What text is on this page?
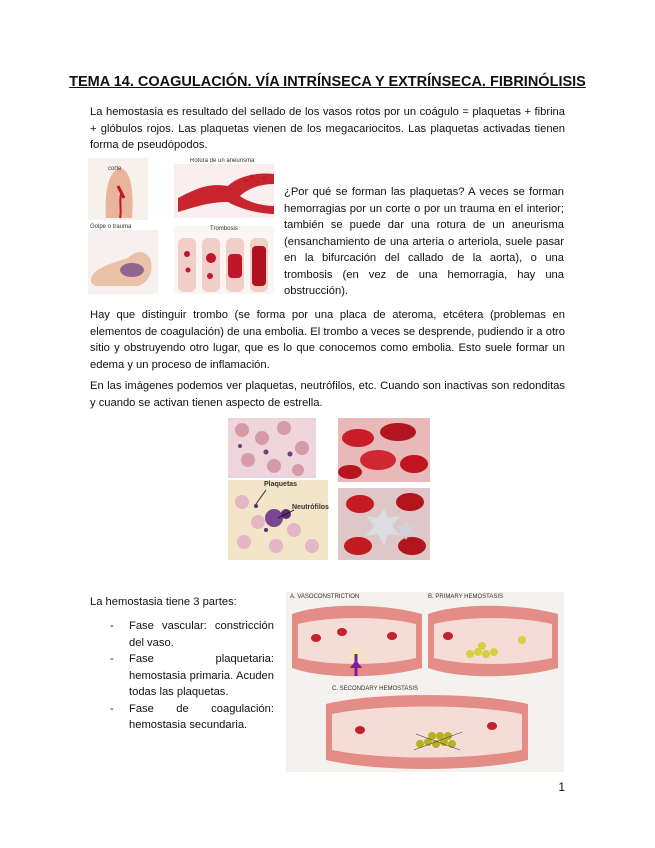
TEMA 14. COAGULACIÓN. VÍA INTRÍNSECA Y EXTRÍNSECA. FIBRINÓLISIS

La hemostasia es resultado del sellado de los vasos rotos por un coágulo = plaquetas + fibrina + glóbulos rojos. Las plaquetas vienen de los megacariocitos. Las plaquetas activadas tienen forma de pseudópodos.

corte
Rotura de un aneurisma
Golpe o trauma	Trombosis

¿Por qué se forman las plaquetas? A veces se forman hemorragias por un corte o por un trauma en el interior; también se puede dar una rotura de un aneurisma (ensanchamiento de una arteria o arteriola, suele pasar en la bifurcación del callado de la aorta), o una trombosis (en vez de una hemorragia, hay una obstrucción).

Hay que distinguir trombo (se forma por una placa de ateroma, etcétera (problemas en elementos de coagulación) de una embolia. El trombo a veces se desprende, pudiendo ir a otro sitio y obstruyendo otro lugar, que es lo que conocemos como embolia. Esto suele formar un edema y un proceso de inflamación.

En las imágenes podemos ver plaquetas, neutrófilos, etc. Cuando son inactivas son redonditas y cuando se activan tienen aspecto de estrella.

Plaquetas
Neutrófilos

La hemostasia tiene 3 partes:

- Fase vascular: constricción del vaso.
- Fase plaquetaria: hemostasia primaria. Acuden todas las plaquetas.
- Fase de coagulación: hemostasia secundaria.
A. VASOCONSTRICTION	B. PRIMARY HEMOSTASIS
C. SECONDARY HEMOSTASIS
1
